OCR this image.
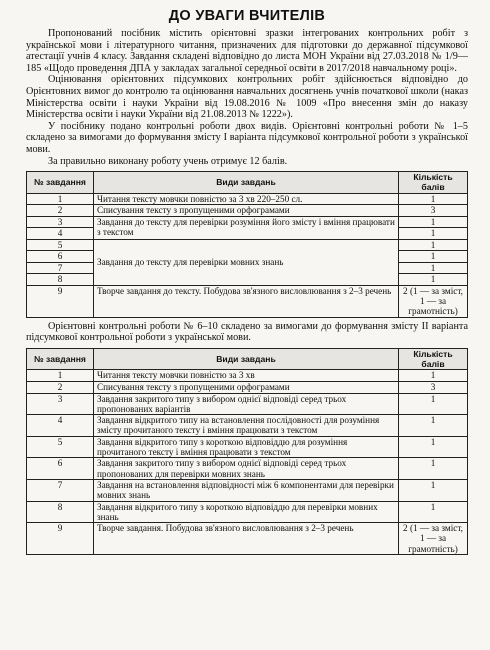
ДО УВАГИ ВЧИТЕЛІВ

Пропонований посібник містить орієнтовні зразки інтегрованих контрольних робіт з української мови і літературного читання, призначених для підготовки до державної підсумкової атестації учнів 4 класу. Завдання складені відповідно до листа МОН України від 27.03.2018 № 1/9—185 «Щодо проведення ДПА у закладах загальної середньої освіти в 2017/2018 навчальному році».

Оцінювання орієнтовних підсумкових контрольних робіт здійснюється відповідно до Орієнтовних вимог до контролю та оцінювання навчальних досягнень учнів початкової школи (наказ Міністерства освіти і науки України від 19.08.2016 № 1009 «Про внесення змін до наказу Міністерства освіти і науки України від 21.08.2013 № 1222»).

У посібнику подано контрольні роботи двох видів. Орієнтовні контрольні роботи № 1–5 складено за вимогами до формування змісту І варіанта підсумкової контрольної роботи з української мови.

За правильно виконану роботу учень отримує 12 балів.

№ завдання	Види завдань	Кількість балів
1	Читання тексту мовчки повністю за 3 хв 220–250 сл.	1
2	Списування тексту з пропущеними орфограмами	3
3	Завдання до тексту для перевірки розуміння його змісту і вміння працювати з текстом	1
4		1
5	Завдання до тексту для перевірки мовних знань	1
6		1
7		1
8		1
9	Творче завдання до тексту. Побудова зв'язного висловлювання з 2–3 речень	2 (1 — за зміст, 1 — за грамотність)

Орієнтовні контрольні роботи № 6–10 складено за вимогами до формування змісту ІІ варіанта підсумкової контрольної роботи з української мови.

№ завдання	Види завдань	Кількість балів
1	Читання тексту мовчки повністю за 3 хв	1
2	Списування тексту з пропущеними орфограмами	3
3	Завдання закритого типу з вибором однієї відповіді серед трьох пропонованих варіантів	1
4	Завдання відкритого типу на встановлення послідовності для розуміння змісту прочитаного тексту і вміння працювати з текстом	1
5	Завдання відкритого типу з короткою відповіддю для розуміння прочитаного тексту і вміння працювати з текстом	1
6	Завдання закритого типу з вибором однієї відповіді серед трьох пропонованих для перевірки мовних знань	1
7	Завдання на встановлення відповідності між 6 компонентами для перевірки мовних знань	1
8	Завдання відкритого типу з короткою відповіддю для перевірки мовних знань	1
9	Творче завдання. Побудова зв'язного висловлювання з 2–3 речень	2 (1 — за зміст, 1 — за грамотність)
